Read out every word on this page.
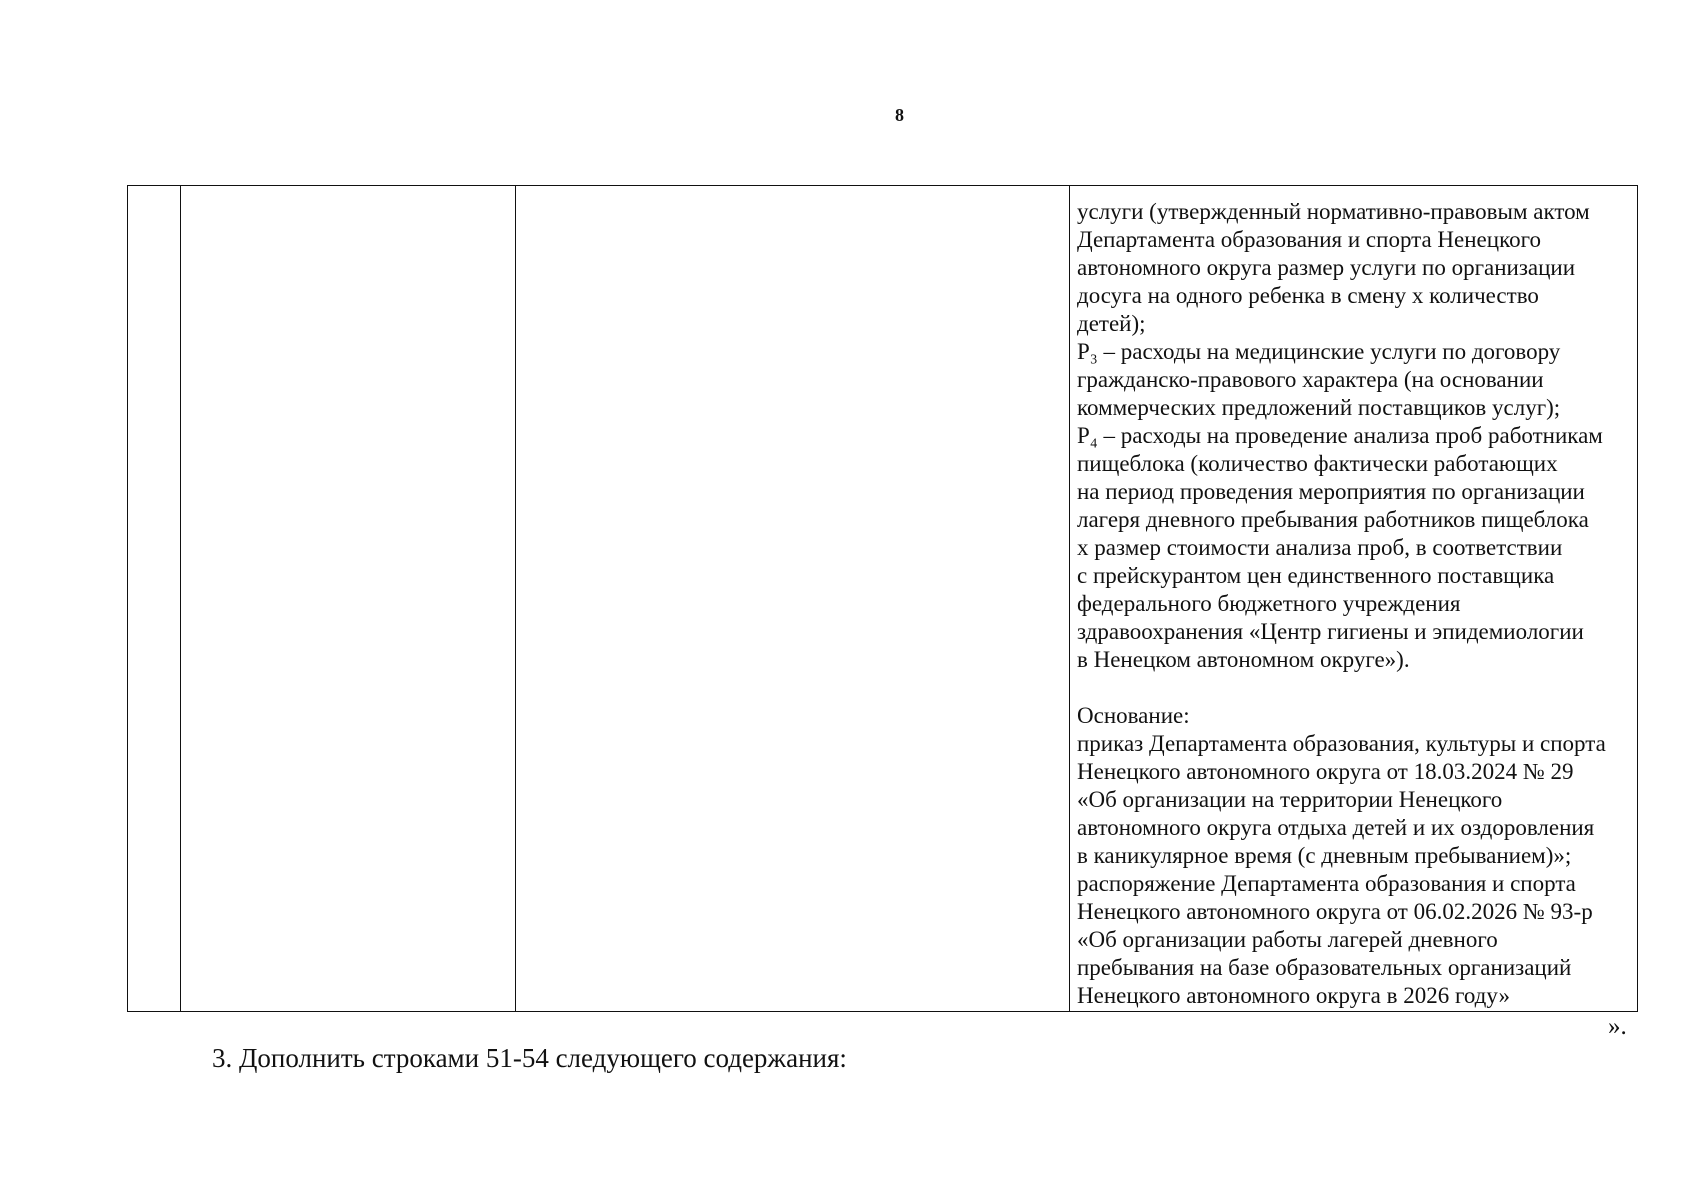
8

услуги (утвержденный нормативно-правовым актом
Департамента образования и спорта Ненецкого
автономного округа размер услуги по организации
досуга на одного ребенка в смену х количество
детей);

Р₃ – расходы на медицинские услуги по договору
гражданско-правового характера (на основании
коммерческих предложений поставщиков услуг);

Р₄ – расходы на проведение анализа проб работникам
пищеблока (количество фактически работающих
на период проведения мероприятия по организации
лагеря дневного пребывания работников пищеблока
х размер стоимости анализа проб, в соответствии
с прейскурантом цен единственного поставщика
федерального бюджетного учреждения
здравоохранения «Центр гигиены и эпидемиологии
в Ненецком автономном округе»).

Основание:

приказ Департамента образования, культуры и спорта
Ненецкого автономного округа от 18.03.2024 № 29
«Об организации на территории Ненецкого
автономного округа отдыха детей и их оздоровления
в каникулярное время (с дневным пребыванием)»;

распоряжение Департамента образования и спорта
Ненецкого автономного округа от 06.02.2026 № 93-р
«Об организации работы лагерей дневного
пребывания на базе образовательных организаций
Ненецкого автономного округа в 2026 году»

».
3. Дополнить строками 51-54 следующего содержания:
